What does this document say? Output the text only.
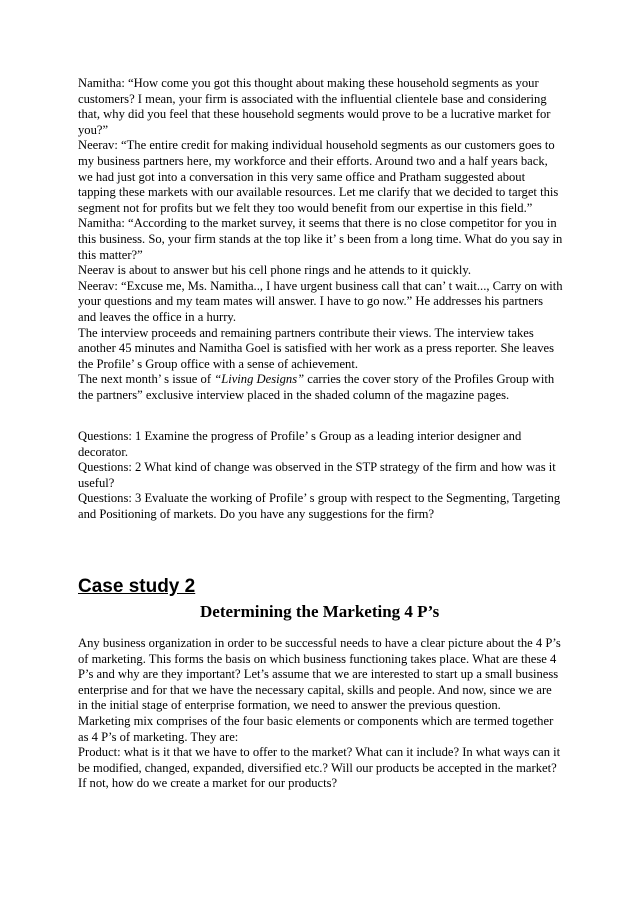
Namitha: “How come you got this thought about making these household segments as your customers? I mean, your firm is associated with the influential clientele base and considering that, why did you feel that these household segments would prove to be a lucrative market for you?”

Neerav: “The entire credit for making individual household segments as our customers goes to my business partners here, my workforce and their efforts. Around two and a half years back, we had just got into a conversation in this very same office and Pratham suggested about tapping these markets with our available resources. Let me clarify that we decided to target this segment not for profits but we felt they too would benefit from our expertise in this field.”

Namitha: “According to the market survey, it seems that there is no close competitor for you in this business. So, your firm stands at the top like it’ s been from a long time. What do you say in this matter?”

Neerav is about to answer but his cell phone rings and he attends to it quickly.

Neerav: “Excuse me, Ms. Namitha.., I have urgent business call that can’ t wait..., Carry on with your questions and my team mates will answer. I have to go now.” He addresses his partners and leaves the office in a hurry.

The interview proceeds and remaining partners contribute their views. The interview takes another 45 minutes and Namitha Goel is satisfied with her work as a press reporter. She leaves the Profile’ s Group office with a sense of achievement.

The next month’ s issue of “Living Designs” carries the cover story of the Profiles Group with the partners” exclusive interview placed in the shaded column of the magazine pages.

Questions: 1 Examine the progress of Profile’ s Group as a leading interior designer and decorator.

Questions: 2 What kind of change was observed in the STP strategy of the firm and how was it useful?

Questions: 3 Evaluate the working of Profile’ s group with respect to the Segmenting, Targeting and Positioning of markets. Do you have any suggestions for the firm?

Case study 2
Determining the Marketing 4 P’s

Any business organization in order to be successful needs to have a clear picture about the 4 P’s of marketing. This forms the basis on which business functioning takes place. What are these 4 P’s and why are they important? Let’s assume that we are interested to start up a small business enterprise and for that we have the necessary capital, skills and people. And now, since we are in the initial stage of enterprise formation, we need to answer the previous question.

Marketing mix comprises of the four basic elements or components which are termed together as 4 P’s of marketing. They are:

Product: what is it that we have to offer to the market? What can it include? In what ways can it be modified, changed, expanded, diversified etc.? Will our products be accepted in the market? If not, how do we create a market for our products?
